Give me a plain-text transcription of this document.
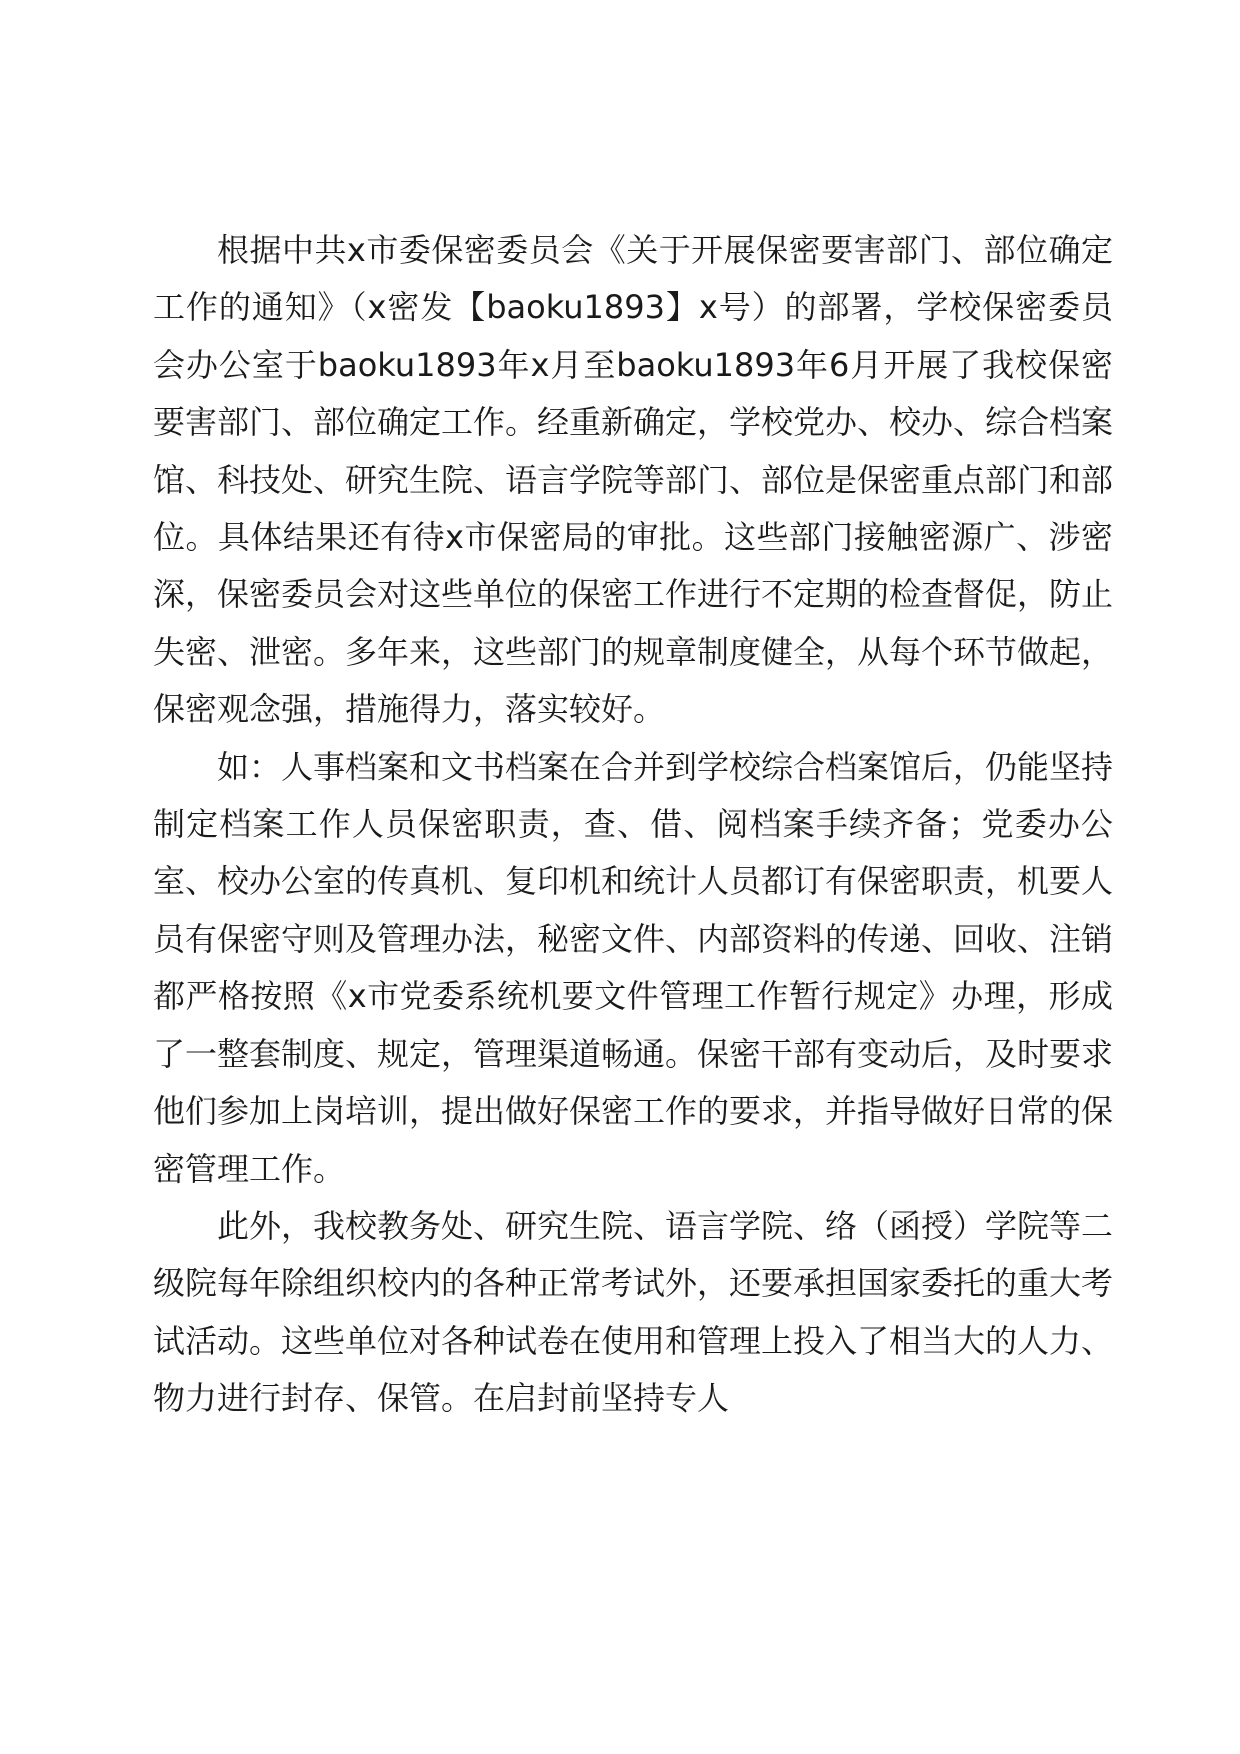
根据中共x市委保密委员会《关于开展保密要害部门、部位确定工作的通知》（x密发【baoku1893】x号）的部署，学校保密委员会办公室于baoku1893年x月至baoku1893年6月开展了我校保密要害部门、部位确定工作。经重新确定，学校党办、校办、综合档案馆、科技处、研究生院、语言学院等部门、部位是保密重点部门和部位。具体结果还有待x市保密局的审批。这些部门接触密源广、涉密深，保密委员会对这些单位的保密工作进行不定期的检查督促，防止失密、泄密。多年来，这些部门的规章制度健全，从每个环节做起，保密观念强，措施得力，落实较好。

如：人事档案和文书档案在合并到学校综合档案馆后，仍能坚持制定档案工作人员保密职责，查、借、阅档案手续齐备；党委办公室、校办公室的传真机、复印机和统计人员都订有保密职责，机要人员有保密守则及管理办法，秘密文件、内部资料的传递、回收、注销都严格按照《x市党委系统机要文件管理工作暂行规定》办理，形成了一整套制度、规定，管理渠道畅通。保密干部有变动后，及时要求他们参加上岗培训，提出做好保密工作的要求，并指导做好日常的保密管理工作。

此外，我校教务处、研究生院、语言学院、络（函授）学院等二级院每年除组织校内的各种正常考试外，还要承担国家委托的重大考试活动。这些单位对各种试卷在使用和管理上投入了相当大的人力、物力进行封存、保管。在启封前坚持专人
